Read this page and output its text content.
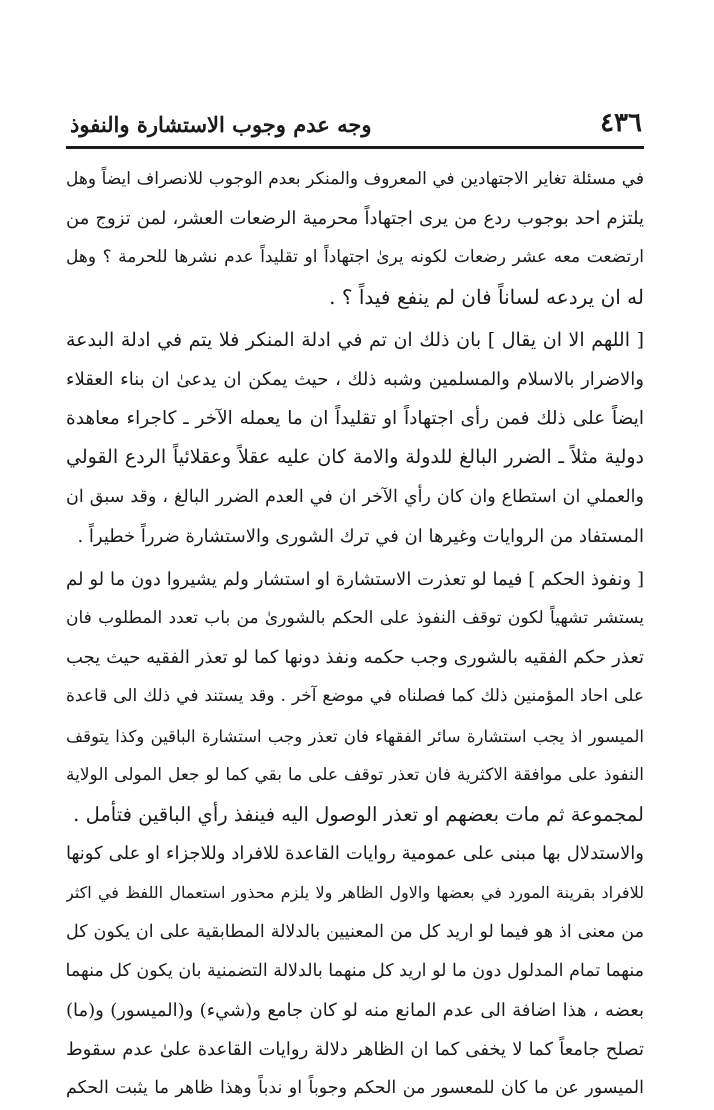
٤٣٦
وجه عدم وجوب الاستشارة والنفوذ
في مسئلة تغاير الاجتهادين في المعروف والمنكر بعدم الوجوب للانصراف ايضاً وهل
يلتزم احد بوجوب ردع من يرى اجتهاداً محرمية الرضعات العشر، لمن تزوج من
ارتضعت معه عشر رضعات لكونه يرىٰ اجتهاداً او تقليداً عدم نشرها للحرمة ؟ وهل
له ان يردعه لساناً فان لم ينفع فيداً ؟ .
[ اللهم الا ان يقال ] بان ذلك ان تم في ادلة المنكر فلا يتم في ادلة البدعة
والاضرار بالاسلام والمسلمين وشبه ذلك ، حيث يمكن ان يدعىٰ ان بناء العقلاء
ايضاً على ذلك فمن رأى اجتهاداً او تقليداً ان ما يعمله الآخر ـ كاجراء معاهدة
دولية مثلاً ـ الضرر البالغ للدولة والامة كان عليه عقلاً وعقلائياً الردع القولي
والعملي ان استطاع وان كان رأي الآخر ان في العدم الضرر البالغ ، وقد سبق ان
المستفاد من الروايات وغيرها ان في ترك الشورى والاستشارة ضرراً خطيراً .
[ ونفوذ الحكم ] فيما لو تعذرت الاستشارة او استشار ولم يشيروا دون ما لو لم
يستشر تشهياً لكون توقف النفوذ على الحكم بالشورىٰ من باب تعدد المطلوب فان
تعذر حكم الفقيه بالشورى وجب حكمه ونفذ دونها كما لو تعذر الفقيه حيث يجب
على احاد المؤمنين ذلك كما فصلناه في موضع آخر . وقد يستند في ذلك الى قاعدة
الميسور اذ يجب استشارة سائر الفقهاء فان تعذر وجب استشارة الباقين وكذا يتوقف
النفوذ على موافقة الاكثرية فان تعذر توقف على ما بقي كما لو جعل المولى الولاية
لمجموعة ثم مات بعضهم او تعذر الوصول اليه فينفذ رأي الباقين فتأمل .
والاستدلال بها مبنى على عمومية روايات القاعدة للافراد وللاجزاء او على كونها
للافراد بقرينة المورد في بعضها والاول الظاهر ولا يلزم محذور استعمال اللفظ في اكثر
من معنى اذ هو فيما لو اريد كل من المعنيين بالدلالة المطابقية على ان يكون كل
منهما تمام المدلول دون ما لو اريد كل منهما بالدلالة التضمنية بان يكون كل منهما
بعضه ، هذا اضافة الى عدم المانع منه لو كان جامع و(شيء) و(الميسور) و(ما)
تصلح جامعاً كما لا يخفى كما ان الظاهر دلالة روايات القاعدة علىٰ عدم سقوط
الميسور عن ما كان للمعسور من الحكم وجوباً او ندباً وهذا ظاهر ما يثبت الحكم
